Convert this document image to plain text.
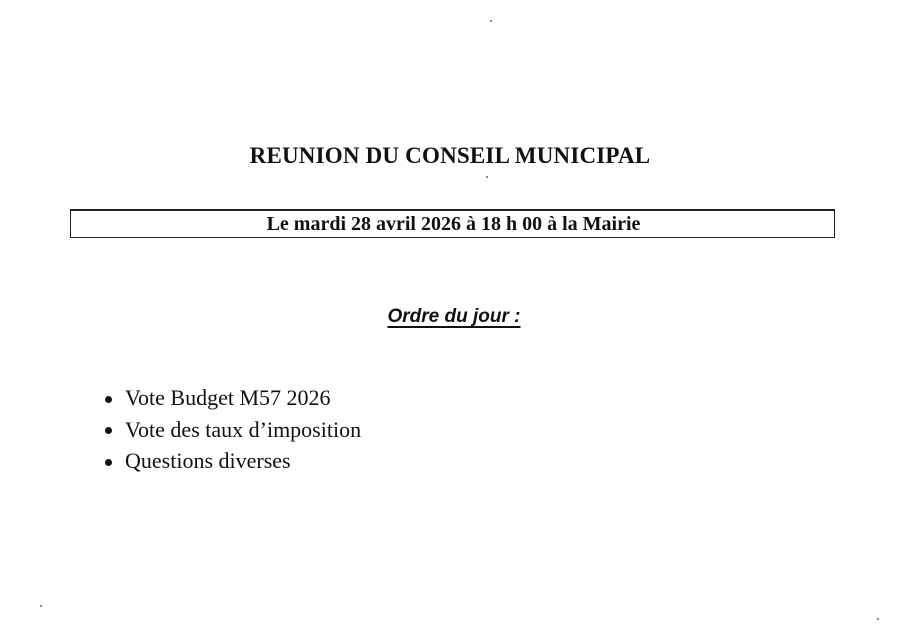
REUNION DU CONSEIL MUNICIPAL
Le mardi 28 avril 2026 à 18 h 00 à la Mairie
Ordre du jour :
Vote Budget M57 2026
Vote des taux d’imposition
Questions diverses
